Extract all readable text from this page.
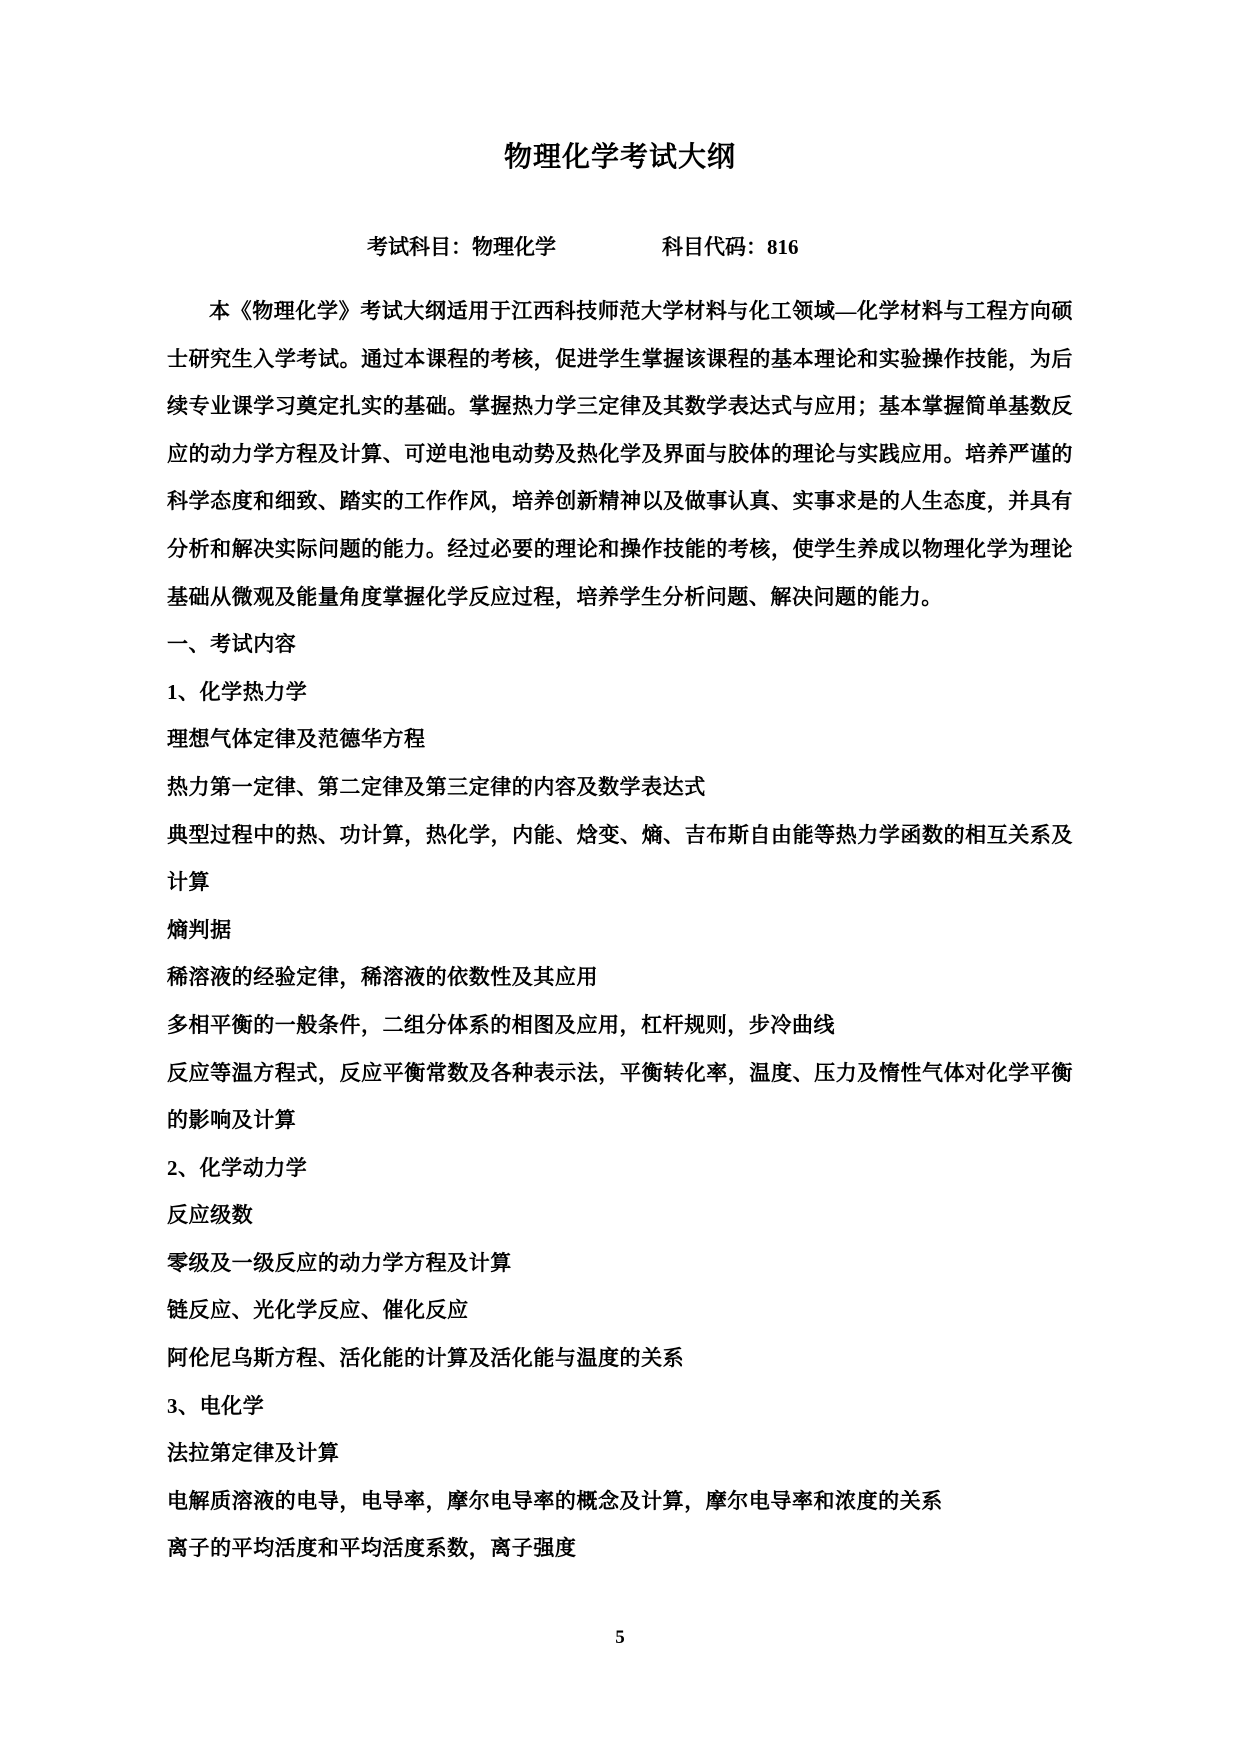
物理化学考试大纲
考试科目：物理化学	科目代码：816

本《物理化学》考试大纲适用于江西科技师范大学材料与化工领域—化学材料与工程方向硕士研究生入学考试。通过本课程的考核，促进学生掌握该课程的基本理论和实验操作技能，为后续专业课学习奠定扎实的基础。掌握热力学三定律及其数学表达式与应用；基本掌握简单基数反应的动力学方程及计算、可逆电池电动势及热化学及界面与胶体的理论与实践应用。培养严谨的科学态度和细致、踏实的工作作风，培养创新精神以及做事认真、实事求是的人生态度，并具有分析和解决实际问题的能力。经过必要的理论和操作技能的考核，使学生养成以物理化学为理论基础从微观及能量角度掌握化学反应过程，培养学生分析问题、解决问题的能力。

一、考试内容

1、化学热力学

理想气体定律及范德华方程

热力第一定律、第二定律及第三定律的内容及数学表达式

典型过程中的热、功计算，热化学，内能、焓变、熵、吉布斯自由能等热力学函数的相互关系及计算

熵判据

稀溶液的经验定律，稀溶液的依数性及其应用

多相平衡的一般条件，二组分体系的相图及应用，杠杆规则，步冷曲线

反应等温方程式，反应平衡常数及各种表示法，平衡转化率，温度、压力及惰性气体对化学平衡的影响及计算

2、化学动力学

反应级数

零级及一级反应的动力学方程及计算

链反应、光化学反应、催化反应

阿伦尼乌斯方程、活化能的计算及活化能与温度的关系

3、电化学

法拉第定律及计算

电解质溶液的电导，电导率，摩尔电导率的概念及计算，摩尔电导率和浓度的关系

离子的平均活度和平均活度系数，离子强度

5
